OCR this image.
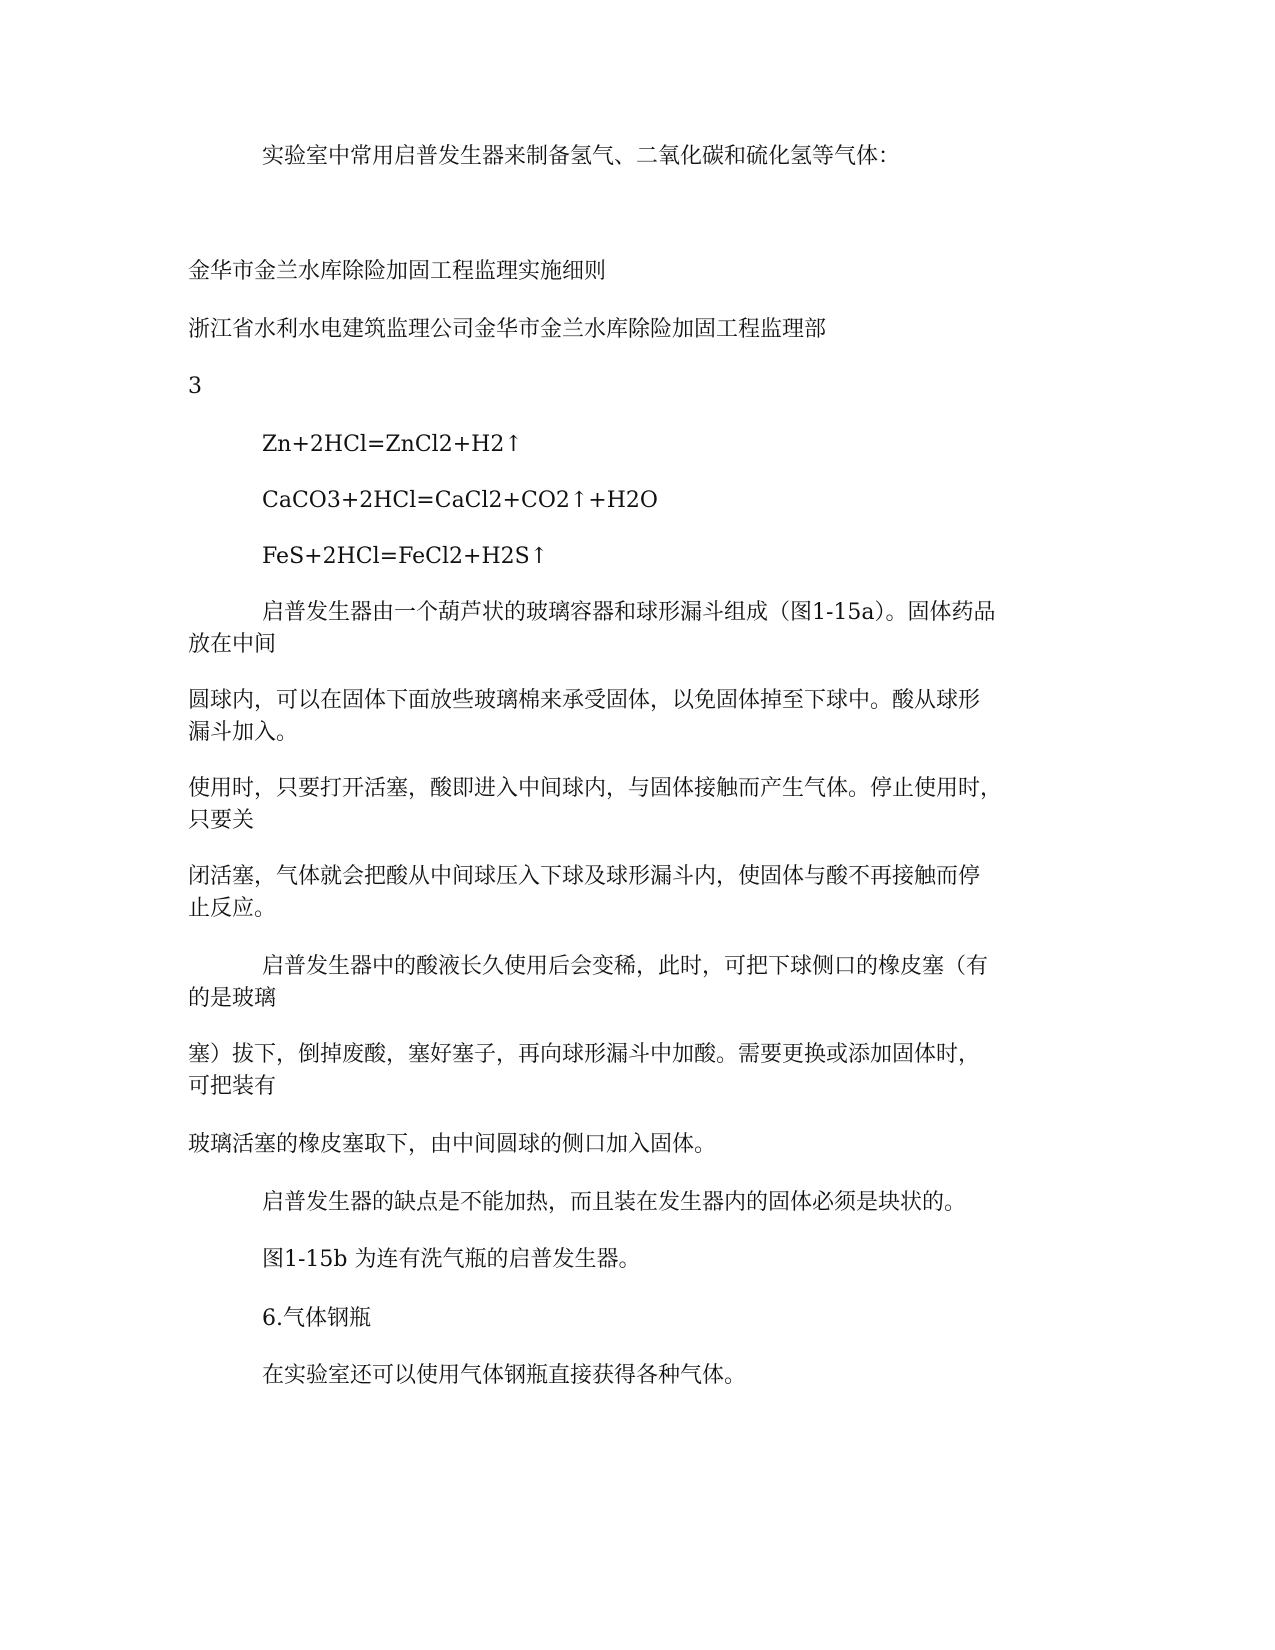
实验室中常用启普发生器来制备氢气、二氧化碳和硫化氢等气体：
金华市金兰水库除险加固工程监理实施细则
浙江省水利水电建筑监理公司金华市金兰水库除险加固工程监理部
3
Zn+2HCl=ZnCl2+H2↑
CaCO3+2HCl=CaCl2+CO2↑+H2O
FeS+2HCl=FeCl2+H2S↑
启普发生器由一个葫芦状的玻璃容器和球形漏斗组成（图1-15a）。固体药品
放在中间
圆球内，可以在固体下面放些玻璃棉来承受固体，以免固体掉至下球中。酸从球形
漏斗加入。
使用时，只要打开活塞，酸即进入中间球内，与固体接触而产生气体。停止使用时，
只要关
闭活塞，气体就会把酸从中间球压入下球及球形漏斗内，使固体与酸不再接触而停
止反应。
启普发生器中的酸液长久使用后会变稀，此时，可把下球侧口的橡皮塞（有
的是玻璃
塞）拔下，倒掉废酸，塞好塞子，再向球形漏斗中加酸。需要更换或添加固体时，
可把装有
玻璃活塞的橡皮塞取下，由中间圆球的侧口加入固体。
启普发生器的缺点是不能加热，而且装在发生器内的固体必须是块状的。
图1-15b 为连有洗气瓶的启普发生器。
6.气体钢瓶
在实验室还可以使用气体钢瓶直接获得各种气体。
